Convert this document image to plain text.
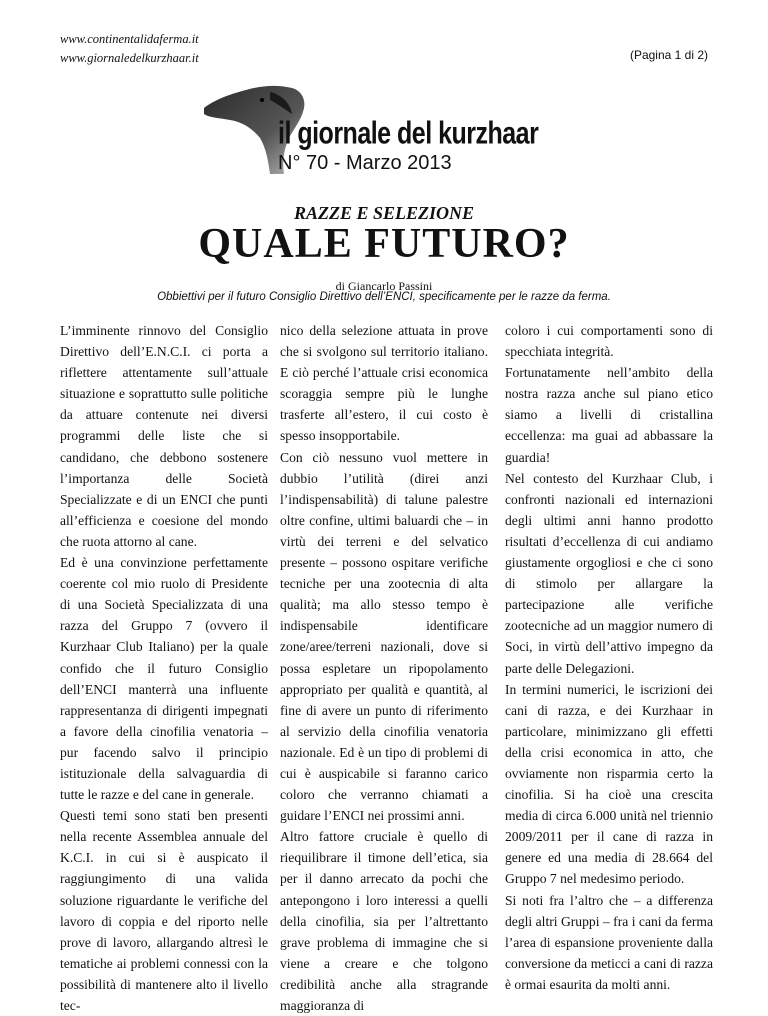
www.continentalidaferma.it
www.giornaledelkurzhaar.it	(Pagina 1 di 2)
il giornale del kurzhaar
N° 70 - Marzo 2013
RAZZE E SELEZIONE
QUALE FUTURO?
di Giancarlo Passini
Obbiettivi per il futuro Consiglio Direttivo dell’ENCI, specificamente per le razze da ferma.

L’imminente rinnovo del Consiglio Direttivo dell’E.N.C.I. ci porta a riflettere attentamente sull’attuale situazione e soprattutto sulle politiche da attuare contenute nei diversi programmi delle liste che si candidano, che debbono sostenere l’importanza delle Società Specializzate e di un ENCI che punti all’efficienza e coesione del mondo che ruota attorno al cane.

Ed è una convinzione perfettamente coerente col mio ruolo di Presidente di una Società Specializzata di una razza del Gruppo 7 (ovvero il Kurzhaar Club Italiano) per la quale confido che il futuro Consiglio dell’ENCI manterrà una influente rappresentanza di dirigenti impegnati a favore della cinofilia venatoria – pur facendo salvo il principio istituzionale della salvaguardia di tutte le razze e del cane in generale.

Questi temi sono stati ben presenti nella recente Assemblea annuale del K.C.I. in cui si è auspicato il raggiungimento di una valida soluzione riguardante le verifiche del lavoro di coppia e del riporto nelle prove di lavoro, allargando altresì le tematiche ai problemi connessi con la possibilità di mantenere alto il livello tec-

nico della selezione attuata in prove che si svolgono sul territorio italiano. E ciò perché l’attuale crisi economica scoraggia sempre più le lunghe trasferte all’estero, il cui costo è spesso insopportabile.

Con ciò nessuno vuol mettere in dubbio l’utilità (direi anzi l’indispensabilità) di talune palestre oltre confine, ultimi baluardi che – in virtù dei terreni e del selvatico presente – possono ospitare verifiche tecniche per una zootecnia di alta qualità; ma allo stesso tempo è indispensabile identificare zone/aree/terreni nazionali, dove si possa espletare un ripopolamento appropriato per qualità e quantità, al fine di avere un punto di riferimento al servizio della cinofilia venatoria nazionale. Ed è un tipo di problemi di cui è auspicabile si faranno carico coloro che verranno chiamati a guidare l’ENCI nei prossimi anni.

Altro fattore cruciale è quello di riequilibrare il timone dell’etica, sia per il danno arrecato da pochi che antepongono i loro interessi a quelli della cinofilia, sia per l’altrettanto grave problema di immagine che si viene a creare e che tolgono credibilità anche alla stragrande maggioranza di

coloro i cui comportamenti sono di specchiata integrità.

Fortunatamente nell’ambito della nostra razza anche sul piano etico siamo a livelli di cristallina eccellenza: ma guai ad abbassare la guardia!

Nel contesto del Kurzhaar Club, i confronti nazionali ed internazioni degli ultimi anni hanno prodotto risultati d’eccellenza di cui andiamo giustamente orgogliosi e che ci sono di stimolo per allargare la partecipazione alle verifiche zootecniche ad un maggior numero di Soci, in virtù dell’attivo impegno da parte delle Delegazioni.

In termini numerici, le iscrizioni dei cani di razza, e dei Kurzhaar in particolare, minimizzano gli effetti della crisi economica in atto, che ovviamente non risparmia certo la cinofilia. Si ha cioè una crescita media di circa 6.000 unità nel triennio 2009/2011 per il cane di razza in genere ed una media di 28.664 del Gruppo 7 nel medesimo periodo.

Si noti fra l’altro che – a differenza degli altri Gruppi – fra i cani da ferma l’area di espansione proveniente dalla conversione da meticci a cani di razza è ormai esaurita da molti anni.
